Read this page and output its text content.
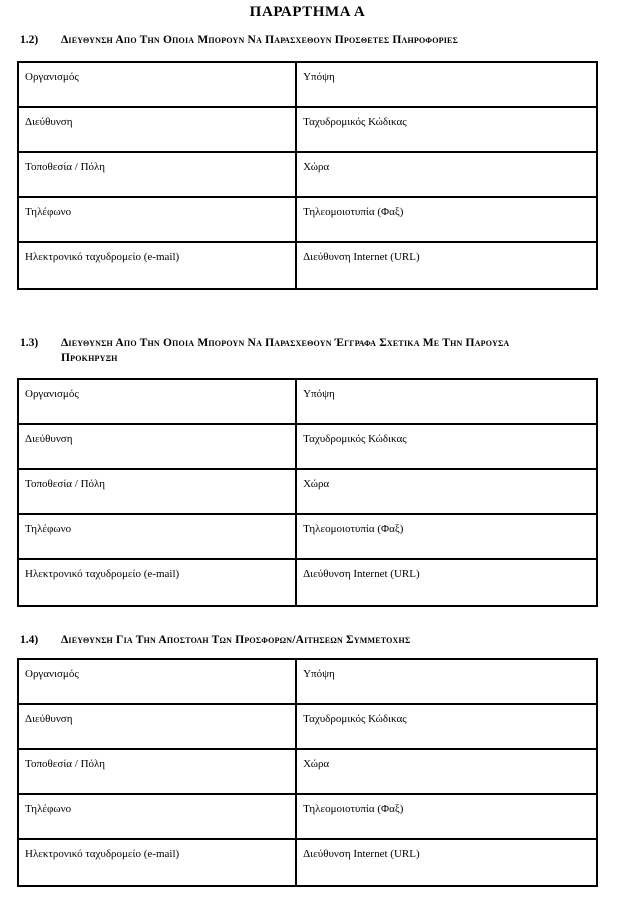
ΠΑΡΑΡΤΗΜΑ Α
1.2)	Διευθυνση Απο Την Οποια Μπορουν Να Παρασχεθουν Προσθετες Πληροφοριες
Οργανισμός	Υπόψη
Διεύθυνση	Ταχυδρομικός Κώδικας
Τοποθεσία / Πόλη	Χώρα
Τηλέφωνο	Τηλεομοιοτυπία (Φαξ)
Ηλεκτρονικό ταχυδρομείο (e-mail)	Διεύθυνση Internet (URL)
1.3)	Διευθυνση Απο Την Οποια Μπορουν Να Παρασχεθουν Έγγραφα Σχετικα Με Την Παρουσα
Προκηρυξη
Οργανισμός	Υπόψη
Διεύθυνση	Ταχυδρομικός Κώδικας
Τοποθεσία / Πόλη	Χώρα
Τηλέφωνο	Τηλεομοιοτυπία (Φαξ)
Ηλεκτρονικό ταχυδρομείο (e-mail)	Διεύθυνση Internet (URL)
1.4)	Διευθυνση Για Την Αποστολη Των Προσφορων/Αιτησεων Συμμετοχης
Οργανισμός	Υπόψη
Διεύθυνση	Ταχυδρομικός Κώδικας
Τοποθεσία / Πόλη	Χώρα
Τηλέφωνο	Τηλεομοιοτυπία (Φαξ)
Ηλεκτρονικό ταχυδρομείο (e-mail)	Διεύθυνση Internet (URL)
